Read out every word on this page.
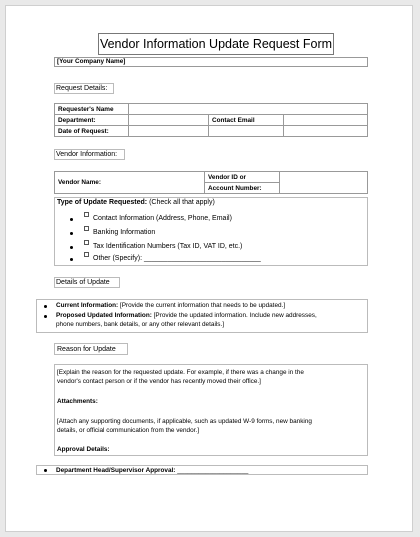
Vendor Information Update Request Form
[Your Company Name]
Request Details:
Requester's Name			
Department:		Contact Email	
Date of Request:			
Vendor Information:
Vendor Name:	Vendor ID or	
Account Number:
Type of Update Requested: (Check all that apply)
Contact Information (Address, Phone, Email)
Banking Information
Tax Identification Numbers (Tax ID, VAT ID, etc.)
Other (Specify): ______________________________
Details of Update
Current Information: [Provide the current information that needs to be updated.]
Proposed Updated Information: [Provide the updated information. Include new addresses,
phone numbers, bank details, or any other relevant details.]
Reason for Update
[Explain the reason for the requested update. For example, if there was a change in the
vendor's contact person or if the vendor has recently moved their office.]
Attachments:
[Attach any supporting documents, if applicable, such as updated W-9 forms, new banking
details, or official communication from the vendor.]
Approval Details:
Department Head/Supervisor Approval: ____________________
